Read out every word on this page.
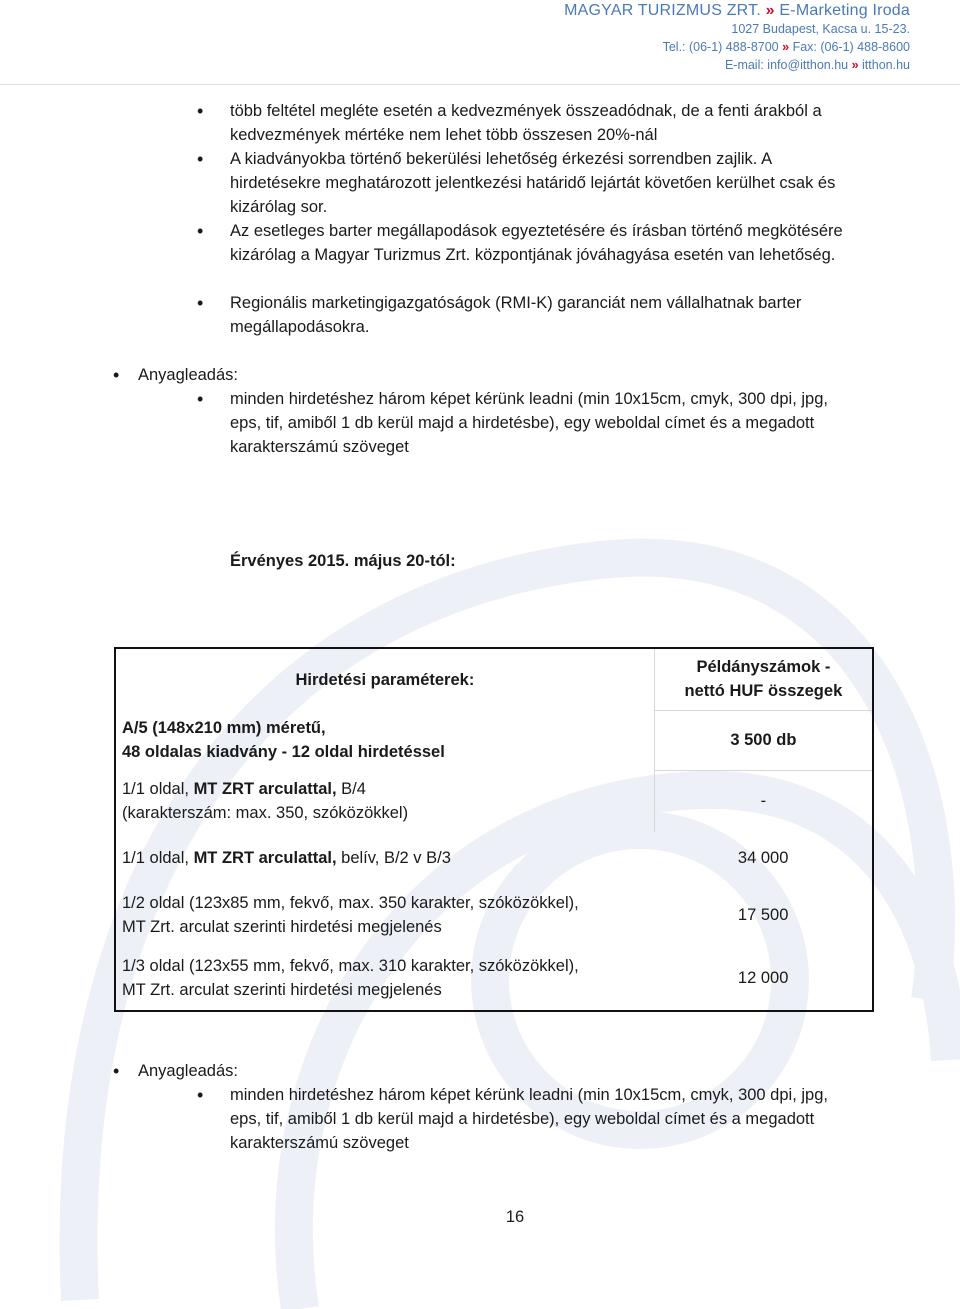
MAGYAR TURIZMUS ZRT. » E-Marketing Iroda
1027 Budapest, Kacsa u. 15-23.
Tel.: (06-1) 488-8700 » Fax: (06-1) 488-8600
E-mail: info@itthon.hu » itthon.hu
• több feltétel megléte esetén a kedvezmények összeadódnak, de a fenti árakból a kedvezmények mértéke nem lehet több összesen 20%-nál
• A kiadványokba történő bekerülési lehetőség érkezési sorrendben zajlik. A hirdetésekre meghatározott jelentkezési határidő lejártát követően kerülhet csak és kizárólag sor.
• Az esetleges barter megállapodások egyeztetésére és írásban történő megkötésére kizárólag a Magyar Turizmus Zrt. központjának jóváhagyása esetén van lehetőség.
• Regionális marketingigazgatóságok (RMI-K) garanciát nem vállalhatnak barter megállapodásokra.
• Anyagleadás:
• minden hirdetéshez három képet kérünk leadni (min 10x15cm, cmyk, 300 dpi, jpg, eps, tif, amiből 1 db kerül majd a hirdetésbe), egy weboldal címet és a megadott karakterszámú szöveget
Érvényes 2015. május 20-tól:
Hirdetési paraméterek:	Példányszámok -
nettó HUF összegek

A/5 (148x210 mm) méretű,
48 oldalas kiadvány - 12 oldal hirdetéssel	3 500 db

1/1 oldal, MT ZRT arculattal, B/4
(karakterszám: max. 350, szóközökkel)	-
1/1 oldal, MT ZRT arculattal, belív, B/2 v B/3	34 000

1/2 oldal (123x85 mm, fekvő, max. 350 karakter, szóközökkel),
MT Zrt. arculat szerinti hirdetési megjelenés	17 500

1/3 oldal (123x55 mm, fekvő, max. 310 karakter, szóközökkel),
MT Zrt. arculat szerinti hirdetési megjelenés	12 000
• Anyagleadás:
• minden hirdetéshez három képet kérünk leadni (min 10x15cm, cmyk, 300 dpi, jpg, eps, tif, amiből 1 db kerül majd a hirdetésbe), egy weboldal címet és a megadott karakterszámú szöveget
16
